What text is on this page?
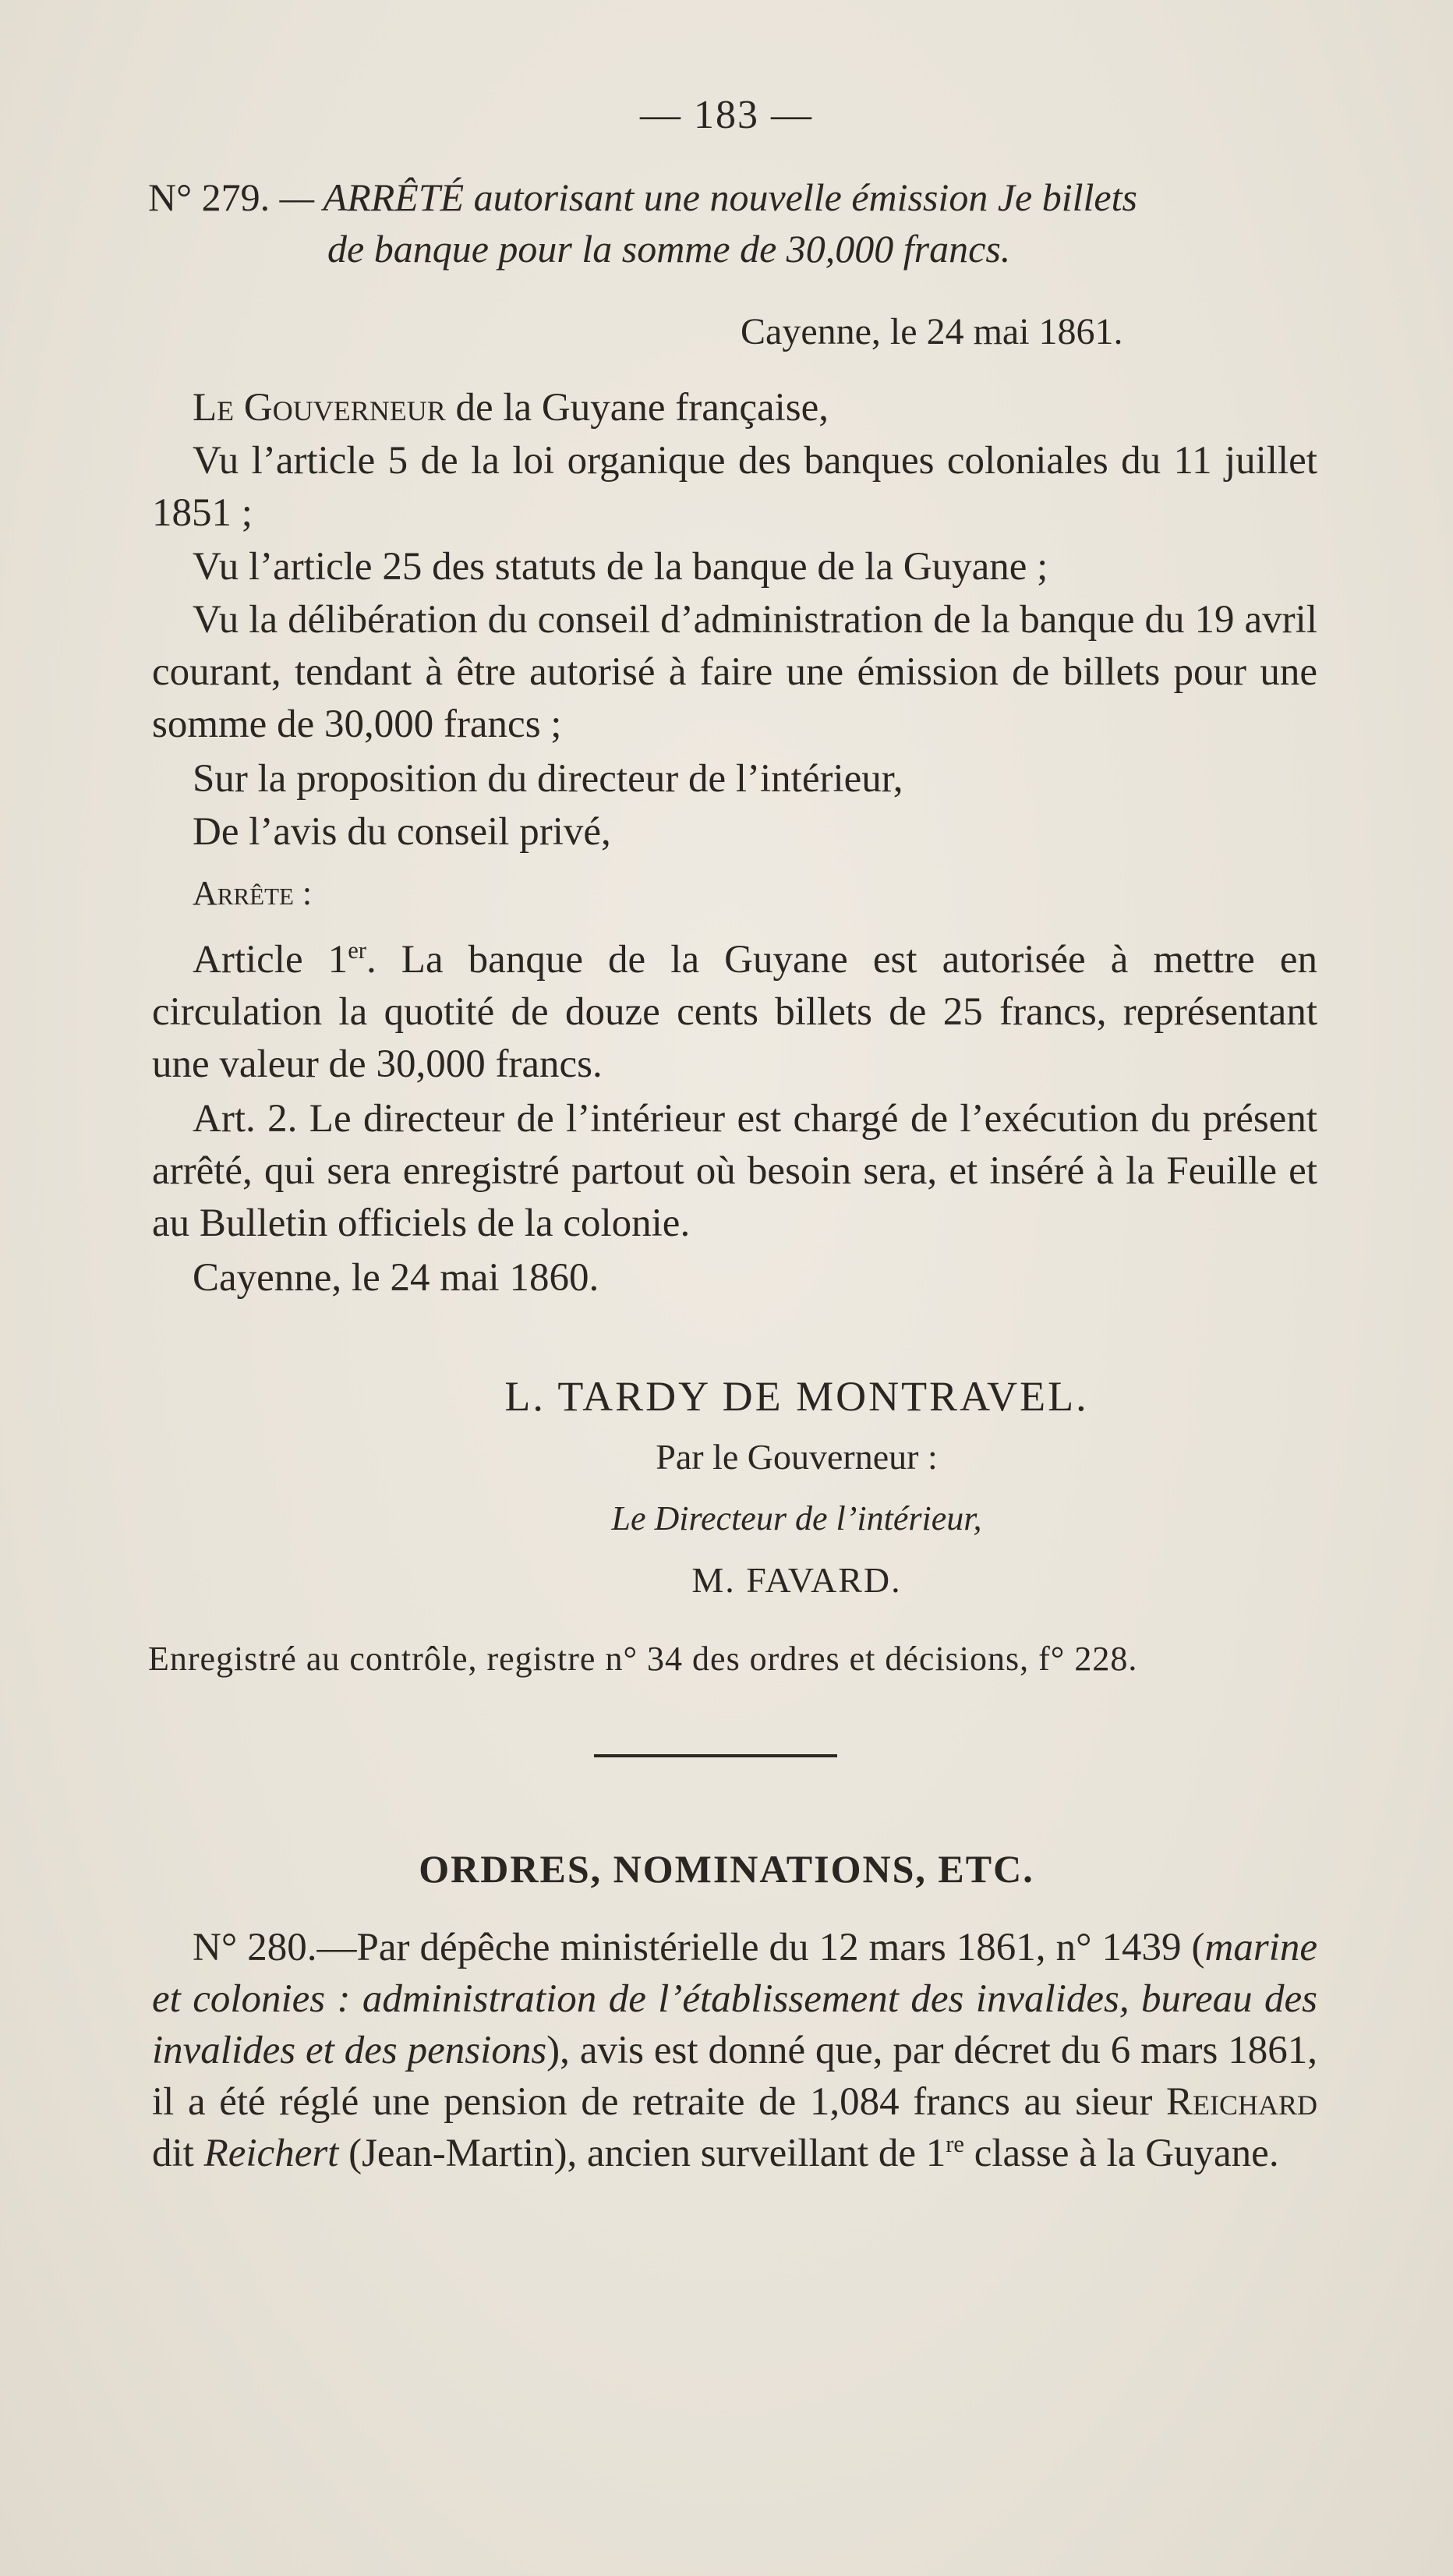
— 183 —
N° 279. — ARRÊTÉ autorisant une nouvelle émission Je billets
de banque pour la somme de 30,000 francs.
Cayenne, le 24 mai 1861.
Le Gouverneur de la Guyane française,
Vu l’article 5 de la loi organique des banques coloniales du 11 juillet 1851 ;
Vu l’article 25 des statuts de la banque de la Guyane ;
Vu la délibération du conseil d’administration de la banque du 19 avril courant, tendant à être autorisé à faire une émission de billets pour une somme de 30,000 francs ;
Sur la proposition du directeur de l’intérieur,
De l’avis du conseil privé,
Arrête :
Article 1er. La banque de la Guyane est autorisée à mettre en circulation la quotité de douze cents billets de 25 francs, représentant une valeur de 30,000 francs.
Art. 2. Le directeur de l’intérieur est chargé de l’exécution du présent arrêté, qui sera enregistré partout où besoin sera, et inséré à la Feuille et au Bulletin officiels de la colonie.
Cayenne, le 24 mai 1860.
L. TARDY DE MONTRAVEL.
Par le Gouverneur :
Le Directeur de l’intérieur,
M. FAVARD.
Enregistré au contrôle, registre n° 34 des ordres et décisions, f° 228.
ORDRES, NOMINATIONS, ETC.
N° 280.—Par dépêche ministérielle du 12 mars 1861, n° 1439 (marine et colonies : administration de l’établissement des invalides, bureau des invalides et des pensions), avis est donné que, par décret du 6 mars 1861, il a été réglé une pension de retraite de 1,084 francs au sieur Reichard dit Reichert (Jean-Martin), ancien surveillant de 1re classe à la Guyane.
